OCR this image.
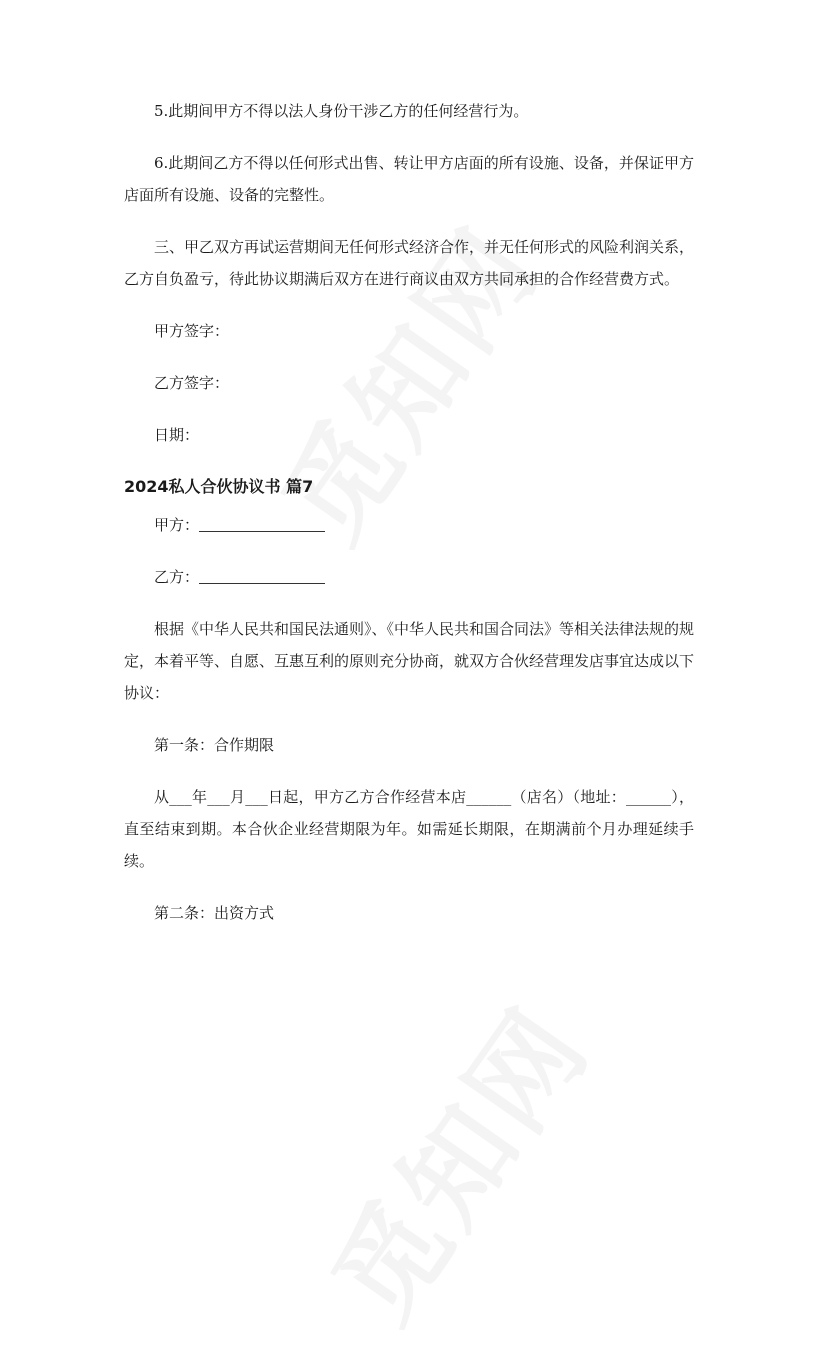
5.此期间甲方不得以法人身份干涉乙方的任何经营行为。

6.此期间乙方不得以任何形式出售、转让甲方店面的所有设施、设备，并保证甲方店面所有设施、设备的完整性。

三、甲乙双方再试运营期间无任何形式经济合作，并无任何形式的风险利润关系，乙方自负盈亏，待此协议期满后双方在进行商议由双方共同承担的合作经营费方式。

甲方签字：

乙方签字：

日期：

2024私人合伙协议书 篇7

甲方：

乙方：

根据《中华人民共和国民法通则》、《中华人民共和国合同法》等相关法律法规的规定，本着平等、自愿、互惠互利的原则充分协商，就双方合伙经营理发店事宜达成以下协议：

第一条：合作期限

从___年___月___日起，甲方乙方合作经营本店______（店名）（地址：______），直至结束到期。本合伙企业经营期限为年。如需延长期限，在期满前个月办理延续手续。

第二条：出资方式
